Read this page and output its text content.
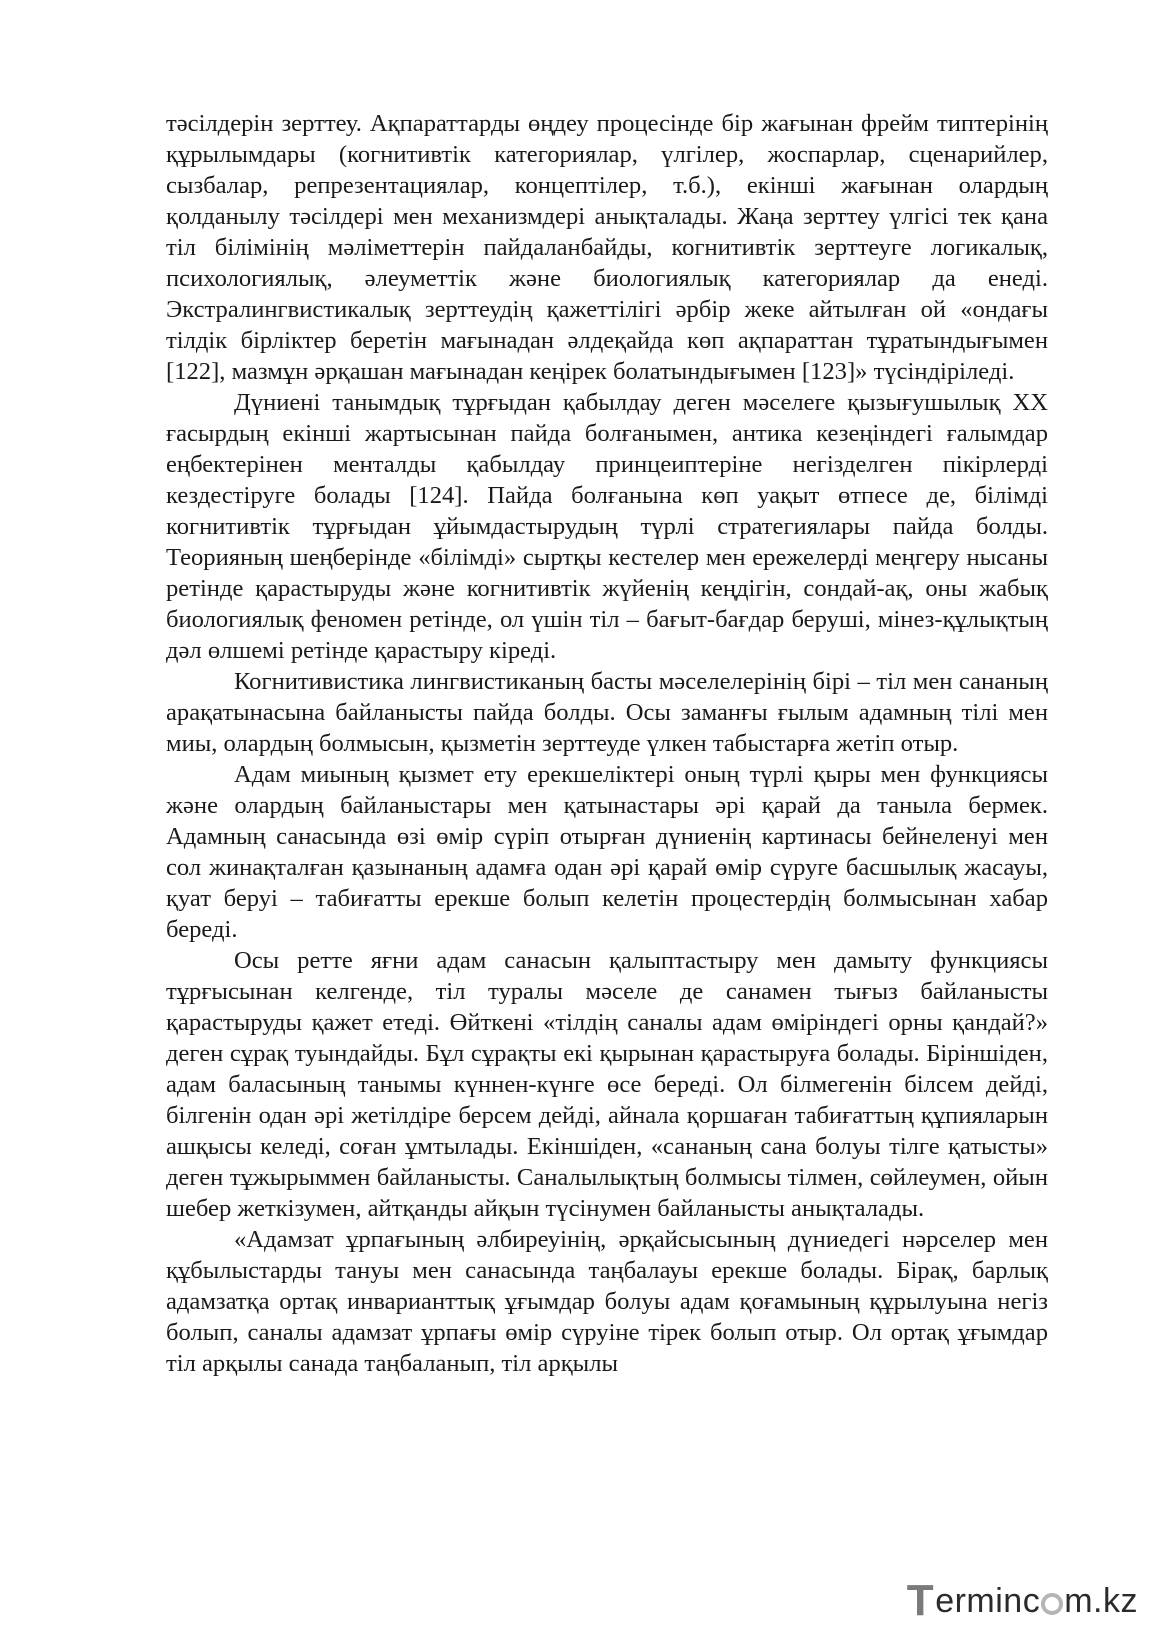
тәсілдерін зерттеу. Ақпараттарды өңдеу процесінде бір жағынан фрейм типтерінің құрылымдары (когнитивтік категориялар, үлгілер, жоспарлар, сценарийлер, сызбалар, репрезентациялар, концептілер, т.б.), екінші жағынан олардың қолданылу тәсілдері мен механизмдері анықталады. Жаңа зерттеу үлгісі тек қана тіл білімінің мәліметтерін пайдаланбайды, когнитивтік зерттеуге логикалық, психологиялық, әлеуметтік және биологиялық категориялар да енеді. Экстралингвистикалық зерттеудің қажеттілігі әрбір жеке айтылған ой «ондағы тілдік бірліктер беретін мағынадан әлдеқайда көп ақпараттан тұратындығымен [122], мазмұн әрқашан мағынадан кеңірек болатындығымен [123]» түсіндіріледі.

Дүниені танымдық тұрғыдан қабылдау деген мәселеге қызығушылық ХХ ғасырдың екінші жартысынан пайда болғанымен, антика кезеңіндегі ғалымдар еңбектерінен менталды қабылдау принцеиптеріне негізделген пікірлерді кездестіруге болады [124]. Пайда болғанына көп уақыт өтпесе де, білімді когнитивтік тұрғыдан ұйымдастырудың түрлі стратегиялары пайда болды. Теорияның шеңберінде «білімді» сыртқы кестелер мен ережелерді меңгеру нысаны ретінде қарастыруды және когнитивтік жүйенің кеңдігін, сондай-ақ, оны жабық биологиялық феномен ретінде, ол үшін тіл – бағыт-бағдар беруші, мінез-құлықтың дәл өлшемі ретінде қарастыру кіреді.

Когнитивистика лингвистиканың басты мәселелерінің бірі – тіл мен сананың арақатынасына байланысты пайда болды. Осы заманғы ғылым адамның тілі мен миы, олардың болмысын, қызметін зерттеуде үлкен табыстарға жетіп отыр.

Адам миының қызмет ету ерекшеліктері оның түрлі қыры мен функциясы және олардың байланыстары мен қатынастары әрі қарай да таныла бермек. Адамның санасында өзі өмір сүріп отырған дүниенің картинасы бейнеленуі мен сол жинақталған қазынаның адамға одан әрі қарай өмір сүруге басшылық жасауы, қуат беруі – табиғатты ерекше болып келетін процестердің болмысынан хабар береді.

Осы ретте яғни адам санасын қалыптастыру мен дамыту функциясы тұрғысынан келгенде, тіл туралы мәселе де санамен тығыз байланысты қарастыруды қажет етеді. Өйткені «тілдің саналы адам өміріндегі орны қандай?» деген сұрақ туындайды. Бұл сұрақты екі қырынан қарастыруға болады. Біріншіден, адам баласының танымы күннен-күнге өсе береді. Ол білмегенін білсем дейді, білгенін одан әрі жетілдіре берсем дейді, айнала қоршаған табиғаттың құпияларын ашқысы келеді, соған ұмтылады. Екіншіден, «сананың сана болуы тілге қатысты» деген тұжырыммен байланысты. Саналылықтың болмысы тілмен, сөйлеумен, ойын шебер жеткізумен, айтқанды айқын түсінумен байланысты анықталады.

«Адамзат ұрпағының әлбиреуінің, әрқайсысының дүниедегі нәрселер мен құбылыстарды тануы мен санасында таңбалауы ерекше болады. Бірақ, барлық адамзатқа ортақ инварианттық ұғымдар болуы адам қоғамының құрылуына негіз болып, саналы адамзат ұрпағы өмір сүруіне тірек болып отыр. Ол ортақ ұғымдар тіл арқылы санада таңбаланып, тіл арқылы

T erminc m.kz
